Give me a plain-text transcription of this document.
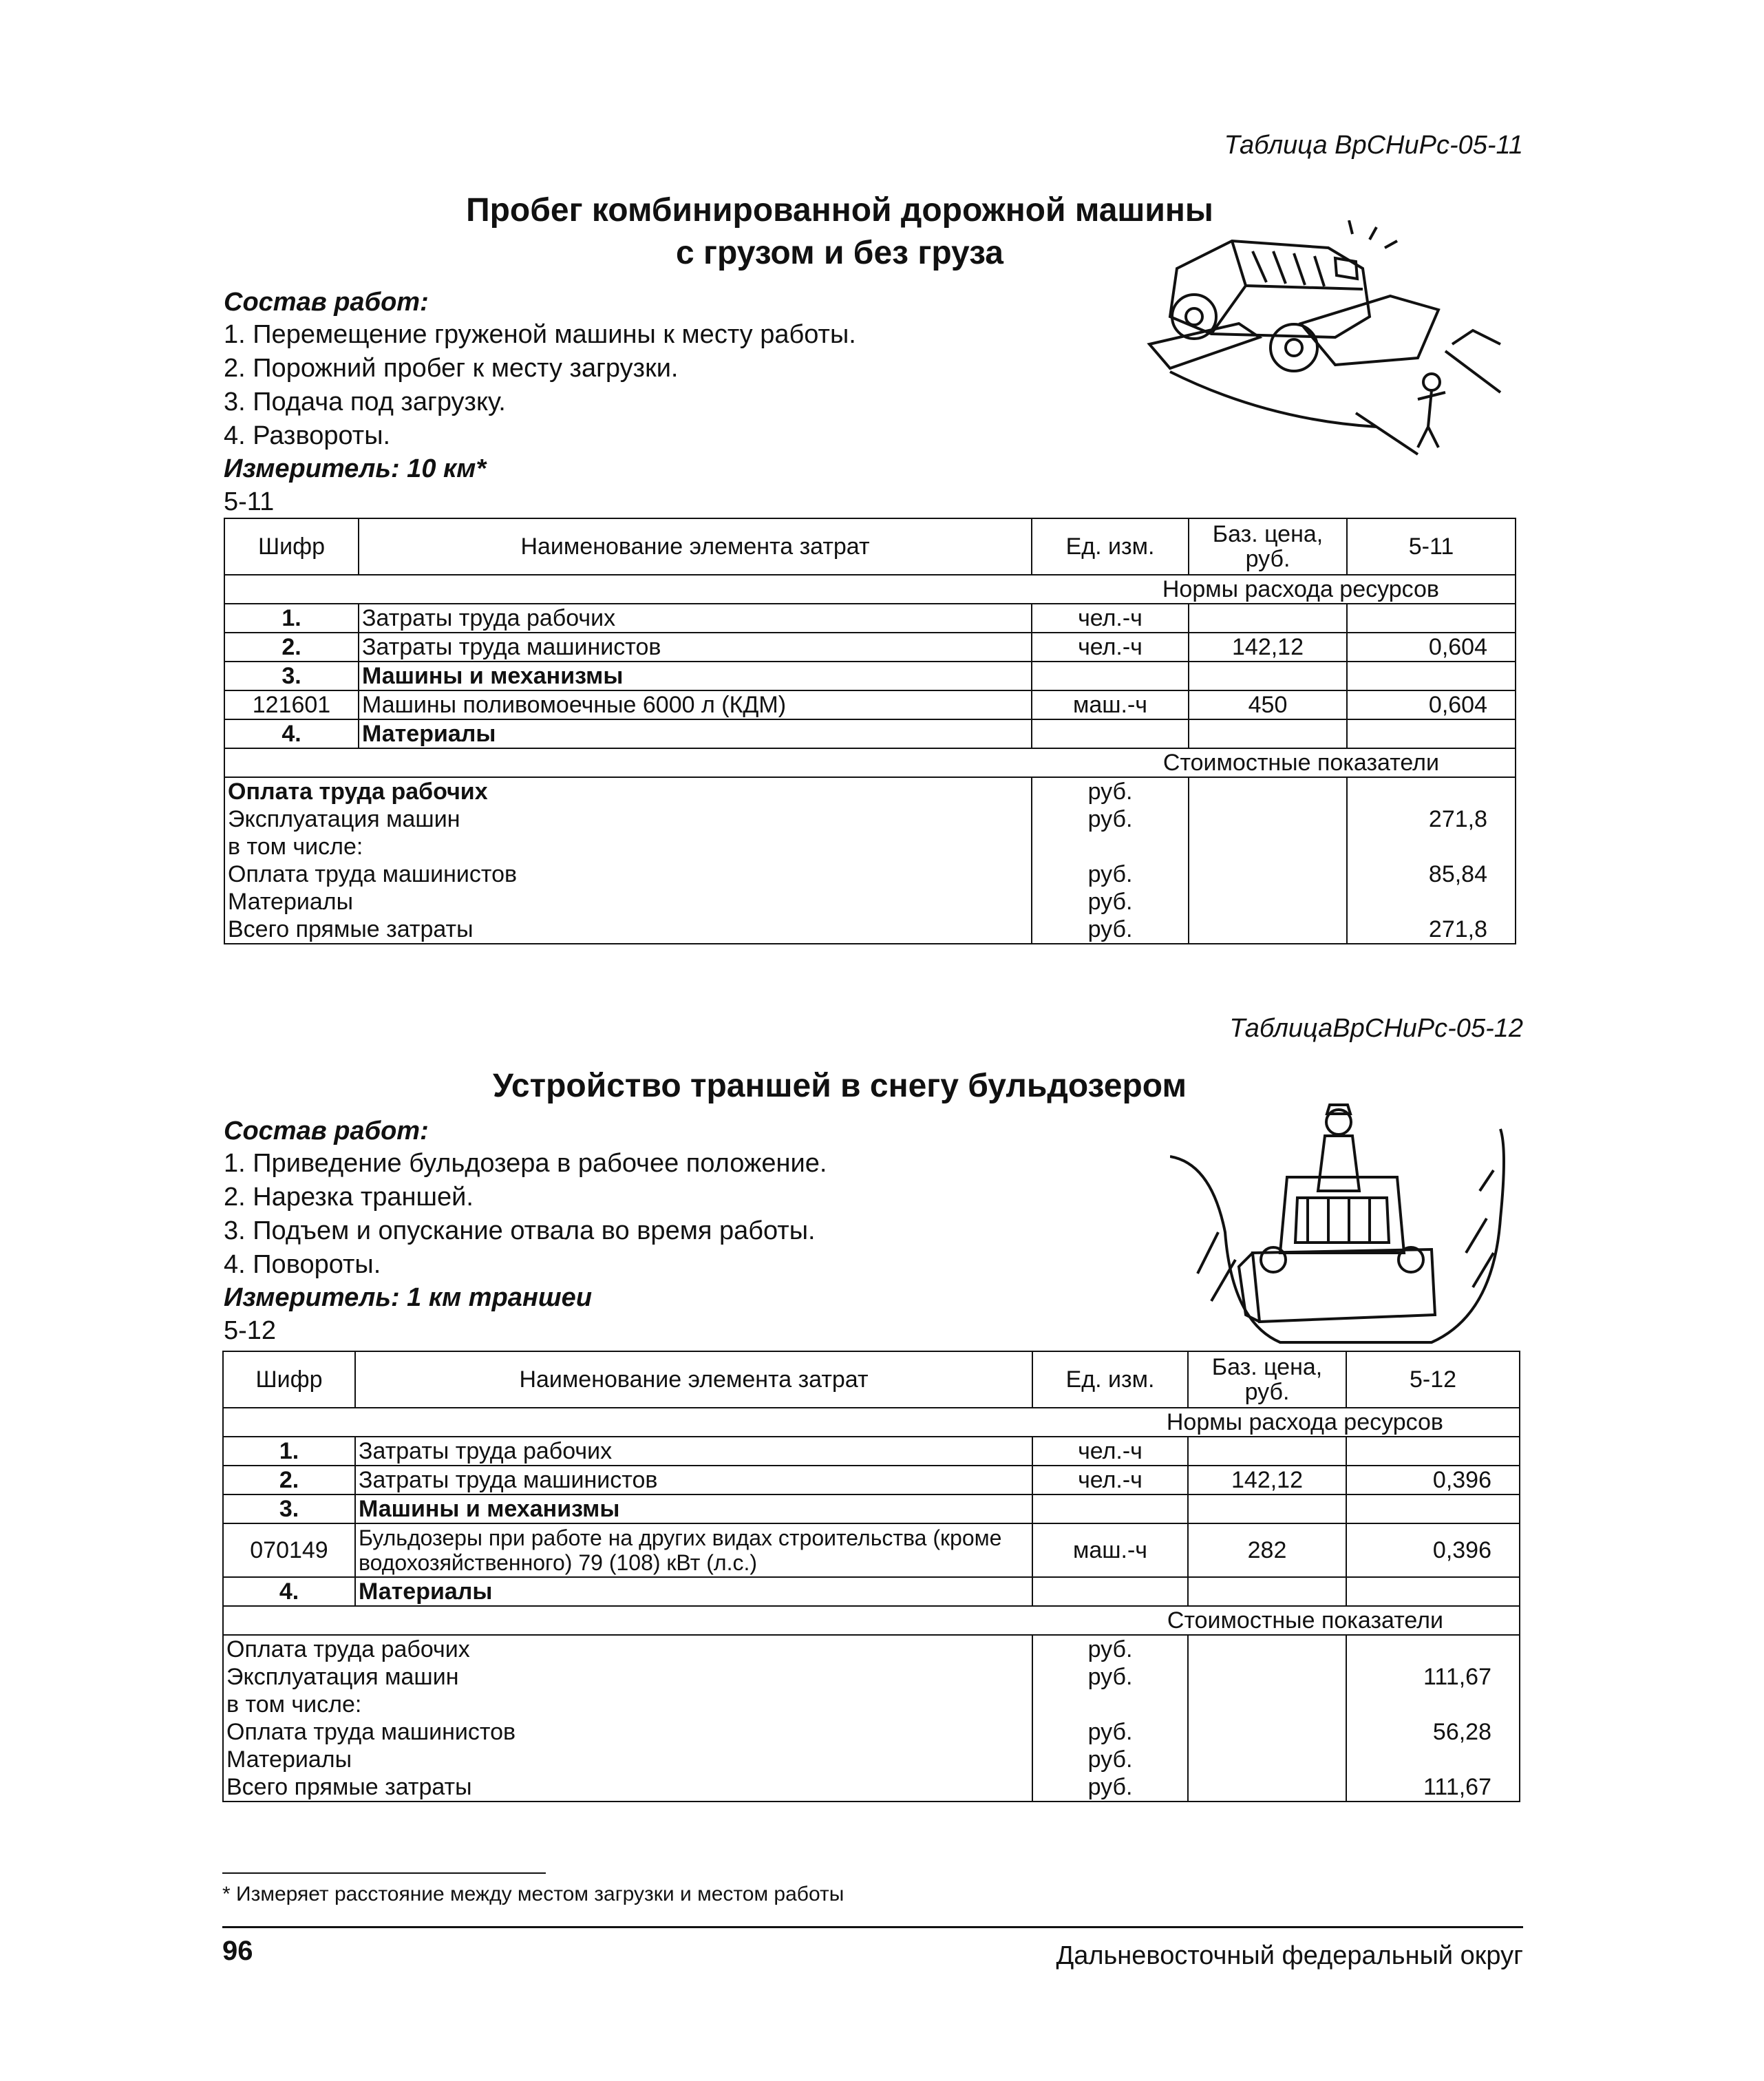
Таблица ВрСНиРс-05-11
Пробег комбинированной дорожной машины
с грузом и без груза
Состав работ:
1. Перемещение груженой машины к месту работы.
2. Порожний пробег к месту загрузки.
3. Подача под загрузку.
4. Развороты.
Измеритель: 10 км*
5-11
Шифр	Наименование элемента затрат	Ед. изм.	Баз. цена, руб.	5-11
Нормы расхода ресурсов				
1.	Затраты труда рабочих	чел.-ч		
2.	Затраты труда машинистов	чел.-ч	142,12	0,604
3.	Машины и механизмы			
121601	Машины поливомоечные 6000 л (КДМ)	маш.-ч	450	0,604
4.	Материалы			
Стоимостные показатели				
Оплата труда рабочих		руб.		
Эксплуатация машин		руб.		271,8
в том числе:				
Оплата труда машинистов		руб.		85,84
Материалы		руб.		
Всего прямые затраты		руб.		271,8
ТаблицаВрСНиРс-05-12
Устройство траншей в снегу бульдозером
Состав работ:
1. Приведение бульдозера в рабочее положение.
2. Нарезка траншей.
3. Подъем и опускание отвала во время работы.
4. Повороты.
Измеритель: 1 км траншеи
5-12
Шифр	Наименование элемента затрат	Ед. изм.	Баз. цена, руб.	5-12
Нормы расхода ресурсов				
1.	Затраты труда рабочих	чел.-ч		
2.	Затраты труда машинистов	чел.-ч	142,12	0,396
3.	Машины и механизмы			
070149	Бульдозеры при работе на других видах строительства (кроме водохозяйственного) 79 (108) кВт (л.с.)	маш.-ч	282	0,396
4.	Материалы			
Стоимостные показатели				
Оплата труда рабочих		руб.		
Эксплуатация машин		руб.		111,67
в том числе:				
Оплата труда машинистов		руб.		56,28
Материалы		руб.		
Всего прямые затраты		руб.		111,67
* Измеряет расстояние между местом загрузки и местом работы
96	Дальневосточный федеральный округ
